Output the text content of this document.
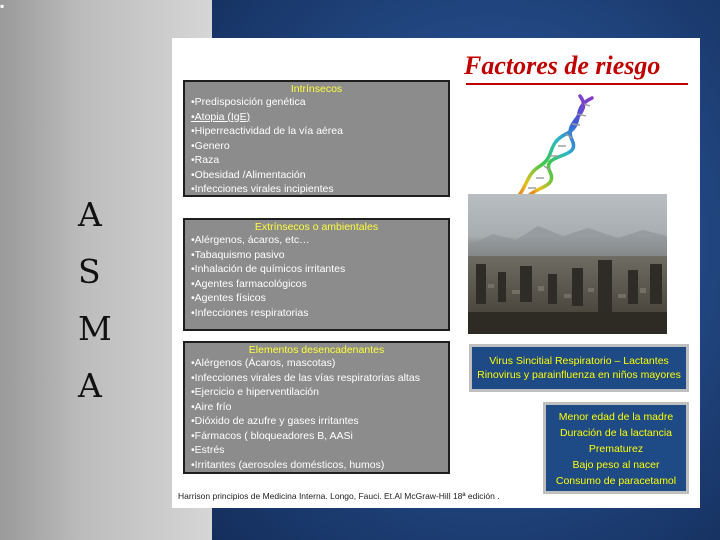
▪
A
S
M
A
Factores de riesgo
Intrínsecos
•Predisposición genética
•Atopia (IgE)
•Hiperreactividad de la vía aérea
•Genero
•Raza
•Obesidad /Alimentación
•Infecciones virales incipientes
Extrínsecos o ambientales
•Alérgenos, ácaros, etc…
•Tabaquismo pasivo
•Inhalación de químicos irritantes
•Agentes farmacológicos
•Agentes físicos
•Infecciones respiratorias
Elementos desencadenantes
•Alérgenos (Ácaros, mascotas)
•Infecciones virales de las vías respiratorias altas
•Ejercicio e hiperventilación
•Aire frío
•Dióxido de azufre y gases irritantes
•Fármacos ( bloqueadores B, AASi
•Estrés
•Irritantes (aerosoles domésticos, humos)
Virus Sincitial Respiratorio – Lactantes
Rinovirus y parainfluenza en niños mayores
Menor edad de la madre
Duración de la lactancia
Prematurez
Bajo peso al nacer
Consumo de paracetamol
Harrison principios de Medicina Interna. Longo, Fauci. Et.Al McGraw-Hill 18ª edición .
